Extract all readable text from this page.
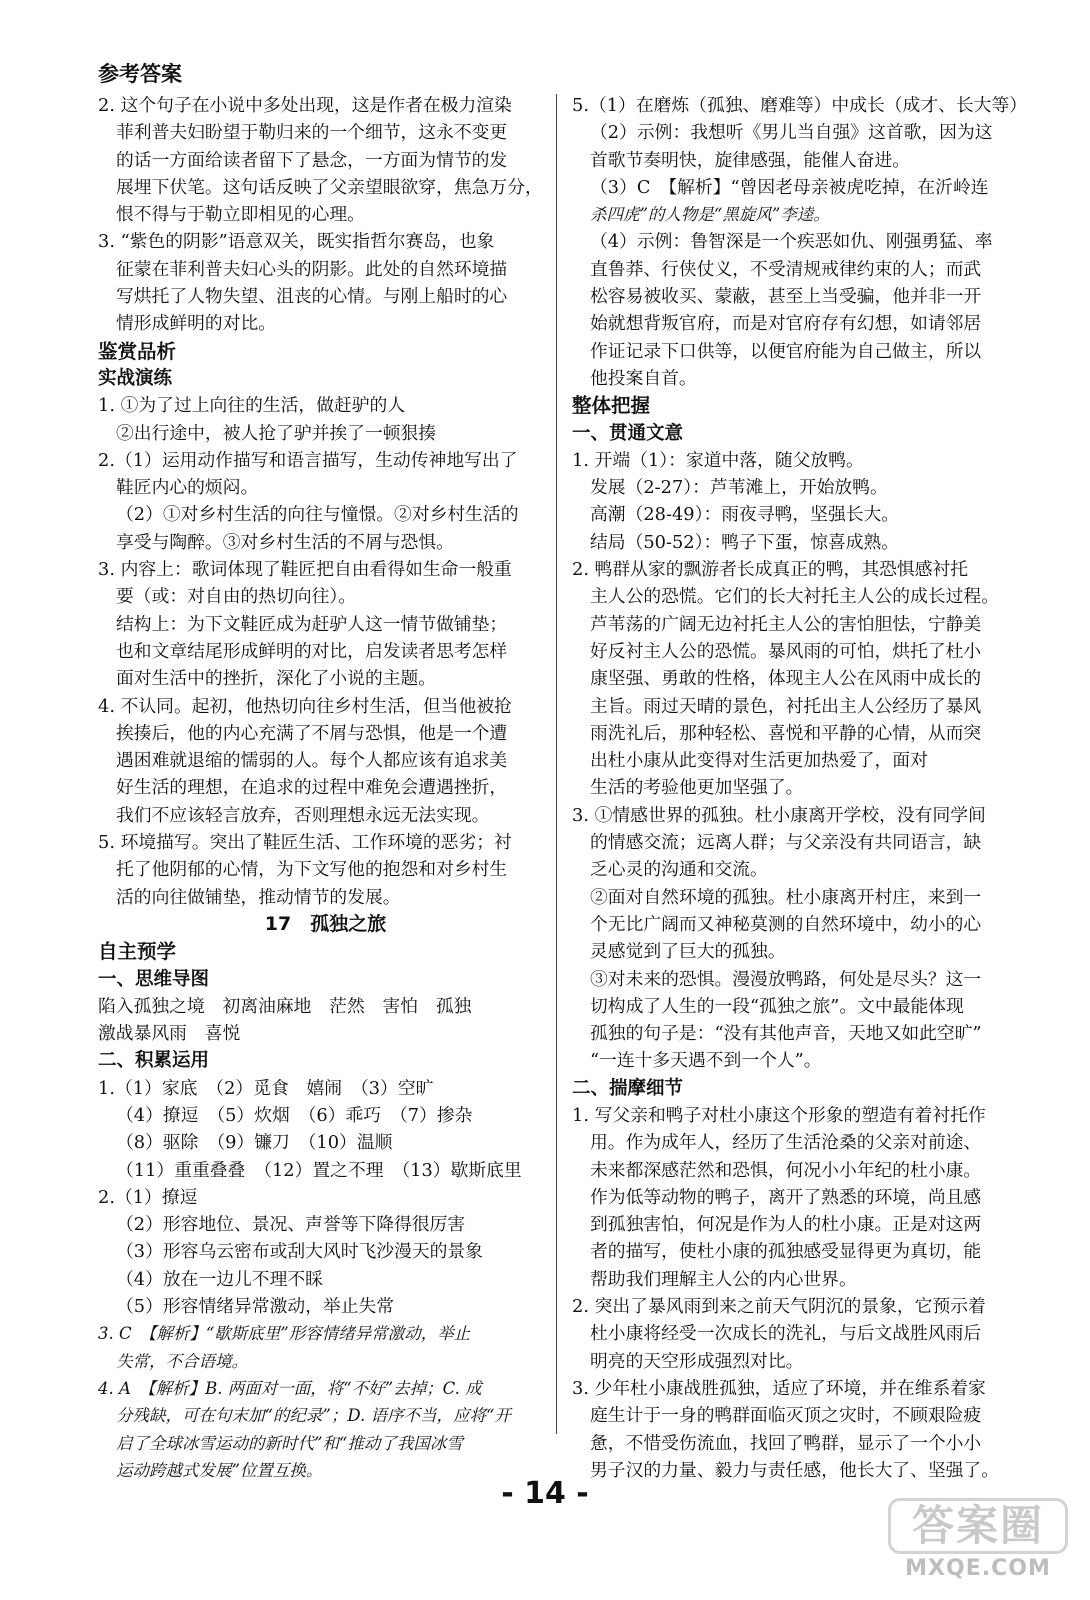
参考答案
2. 这个句子在小说中多处出现，这是作者在极力渲染
菲利普夫妇盼望于勒归来的一个细节，这永不变更
的话一方面给读者留下了悬念，一方面为情节的发
展埋下伏笔。这句话反映了父亲望眼欲穿，焦急万分，
恨不得与于勒立即相见的心理。
3. “紫色的阴影”语意双关，既实指哲尔赛岛，也象
征蒙在菲利普夫妇心头的阴影。此处的自然环境描
写烘托了人物失望、沮丧的心情。与刚上船时的心
情形成鲜明的对比。
鉴赏品析
实战演练
1. ①为了过上向往的生活，做赶驴的人
②出行途中，被人抢了驴并挨了一顿狠揍
2.（1）运用动作描写和语言描写，生动传神地写出了
鞋匠内心的烦闷。
（2）①对乡村生活的向往与憧憬。②对乡村生活的
享受与陶醉。③对乡村生活的不屑与恐惧。
3. 内容上：歌词体现了鞋匠把自由看得如生命一般重
要（或：对自由的热切向往）。
结构上：为下文鞋匠成为赶驴人这一情节做铺垫；
也和文章结尾形成鲜明的对比，启发读者思考怎样
面对生活中的挫折，深化了小说的主题。
4. 不认同。起初，他热切向往乡村生活，但当他被抢
挨揍后，他的内心充满了不屑与恐惧，他是一个遭
遇困难就退缩的懦弱的人。每个人都应该有追求美
好生活的理想，在追求的过程中难免会遭遇挫折，
我们不应该轻言放弃，否则理想永远无法实现。
5. 环境描写。突出了鞋匠生活、工作环境的恶劣；衬
托了他阴郁的心情，为下文写他的抱怨和对乡村生
活的向往做铺垫，推动情节的发展。
17　孤独之旅
自主预学
一、思维导图
陷入孤独之境　初离油麻地　茫然　害怕　孤独
激战暴风雨　喜悦
二、积累运用
1.（1）家底　（2）觅食　嬉闹　（3）空旷
（4）撩逗　（5）炊烟　（6）乖巧　（7）掺杂
（8）驱除　（9）镰刀　（10）温顺
（11）重重叠叠　（12）置之不理　（13）歇斯底里
2.（1）撩逗
（2）形容地位、景况、声誉等下降得很厉害
（3）形容乌云密布或刮大风时飞沙漫天的景象
（4）放在一边儿不理不睬
（5）形容情绪异常激动，举止失常
3. C　【解析】“歇斯底里”形容情绪异常激动，举止
失常，不合语境。
4. A　【解析】B. 两面对一面，将“不好”去掉；C. 成
分残缺，可在句末加“的纪录”；D. 语序不当，应将“开
启了全球冰雪运动的新时代”和“推动了我国冰雪
运动跨越式发展”位置互换。
5.（1）在磨炼（孤独、磨难等）中成长（成才、长大等）
（2）示例：我想听《男儿当自强》这首歌，因为这
首歌节奏明快，旋律感强，能催人奋进。
（3）C　【解析】“曾因老母亲被虎吃掉，在沂岭连
杀四虎”的人物是“黑旋风”李逵。
（4）示例：鲁智深是一个疾恶如仇、刚强勇猛、率
直鲁莽、行侠仗义，不受清规戒律约束的人；而武
松容易被收买、蒙蔽，甚至上当受骗，他并非一开
始就想背叛官府，而是对官府存有幻想，如请邻居
作证记录下口供等，以便官府能为自己做主，所以
他投案自首。
整体把握
一、贯通文意
1. 开端（1）：家道中落，随父放鸭。
发展（2-27）：芦苇滩上，开始放鸭。
高潮（28-49）：雨夜寻鸭，坚强长大。
结局（50-52）：鸭子下蛋，惊喜成熟。
2. 鸭群从家的飘游者长成真正的鸭，其恐惧感衬托
主人公的恐慌。它们的长大衬托主人公的成长过程。
芦苇荡的广阔无边衬托主人公的害怕胆怯，宁静美
好反衬主人公的恐慌。暴风雨的可怕，烘托了杜小
康坚强、勇敢的性格，体现主人公在风雨中成长的
主旨。雨过天晴的景色，衬托出主人公经历了暴风
雨洗礼后，那种轻松、喜悦和平静的心情，从而突
出杜小康从此变得对生活更加热爱了，面对
生活的考验他更加坚强了。
3. ①情感世界的孤独。杜小康离开学校，没有同学间
的情感交流；远离人群；与父亲没有共同语言，缺
乏心灵的沟通和交流。
②面对自然环境的孤独。杜小康离开村庄，来到一
个无比广阔而又神秘莫测的自然环境中，幼小的心
灵感觉到了巨大的孤独。
③对未来的恐惧。漫漫放鸭路，何处是尽头？这一
切构成了人生的一段“孤独之旅”。文中最能体现
孤独的句子是：“没有其他声音，天地又如此空旷”
“一连十多天遇不到一个人”。
二、揣摩细节
1. 写父亲和鸭子对杜小康这个形象的塑造有着衬托作
用。作为成年人，经历了生活沧桑的父亲对前途、
未来都深感茫然和恐惧，何况小小年纪的杜小康。
作为低等动物的鸭子，离开了熟悉的环境，尚且感
到孤独害怕，何况是作为人的杜小康。正是对这两
者的描写，使杜小康的孤独感受显得更为真切，能
帮助我们理解主人公的内心世界。
2. 突出了暴风雨到来之前天气阴沉的景象，它预示着
杜小康将经受一次成长的洗礼，与后文战胜风雨后
明亮的天空形成强烈对比。
3. 少年杜小康战胜孤独，适应了环境，并在维系着家
庭生计于一身的鸭群面临灭顶之灾时，不顾艰险疲
惫，不惜受伤流血，找回了鸭群，显示了一个小小
男子汉的力量、毅力与责任感，他长大了、坚强了。
- 14 -
答案圈
MXQE.COM
